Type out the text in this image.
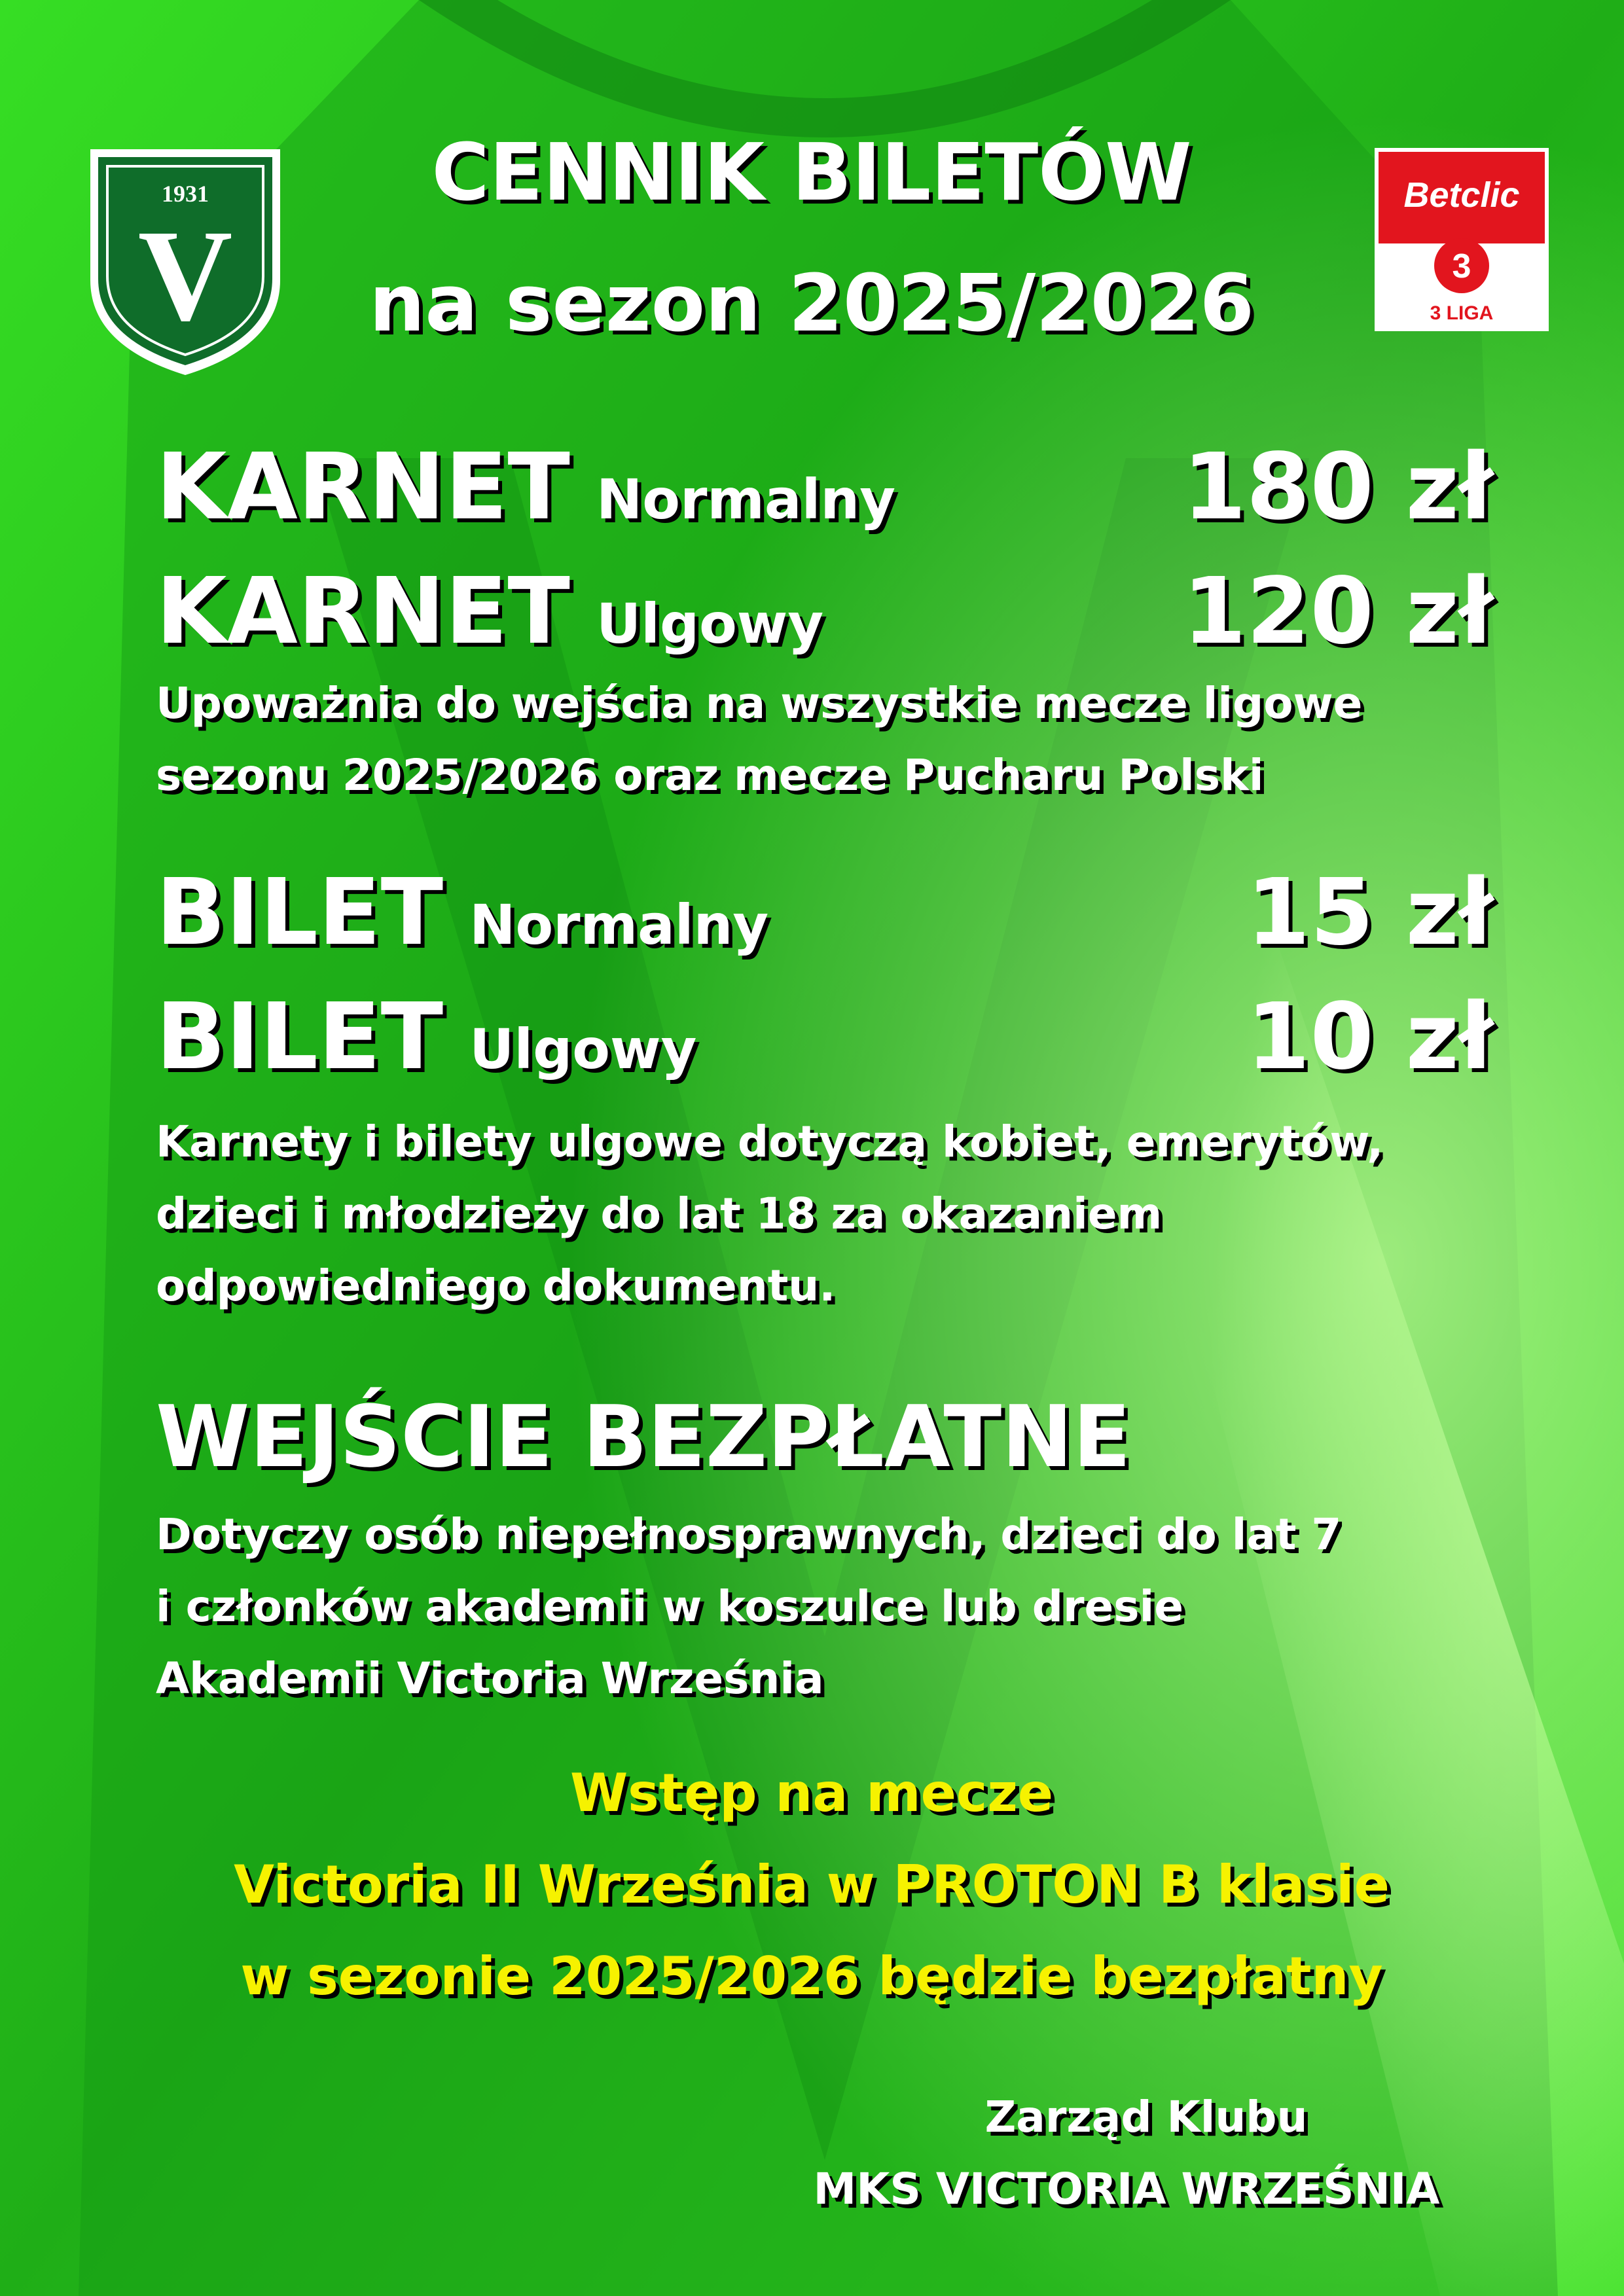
1931
V
Betclic
3
3 LIGA
CENNIK BILETÓW
na sezon 2025/2026
KARNET Normalny	180 zł
KARNET Ulgowy	120 zł
Upoważnia do wejścia na wszystkie mecze ligowe
sezonu 2025/2026 oraz mecze Pucharu Polski
BILET Normalny	15 zł
BILET Ulgowy	10 zł
Karnety i bilety ulgowe dotyczą kobiet, emerytów,
dzieci i młodzieży do lat 18 za okazaniem
odpowiedniego dokumentu.
WEJŚCIE BEZPŁATNE
Dotyczy osób niepełnosprawnych, dzieci do lat 7
i członków akademii w koszulce lub dresie
Akademii Victoria Września
Wstęp na mecze
Victoria II Września w PROTON B klasie
w sezonie 2025/2026 będzie bezpłatny
Zarząd Klubu
MKS VICTORIA WRZEŚNIA
